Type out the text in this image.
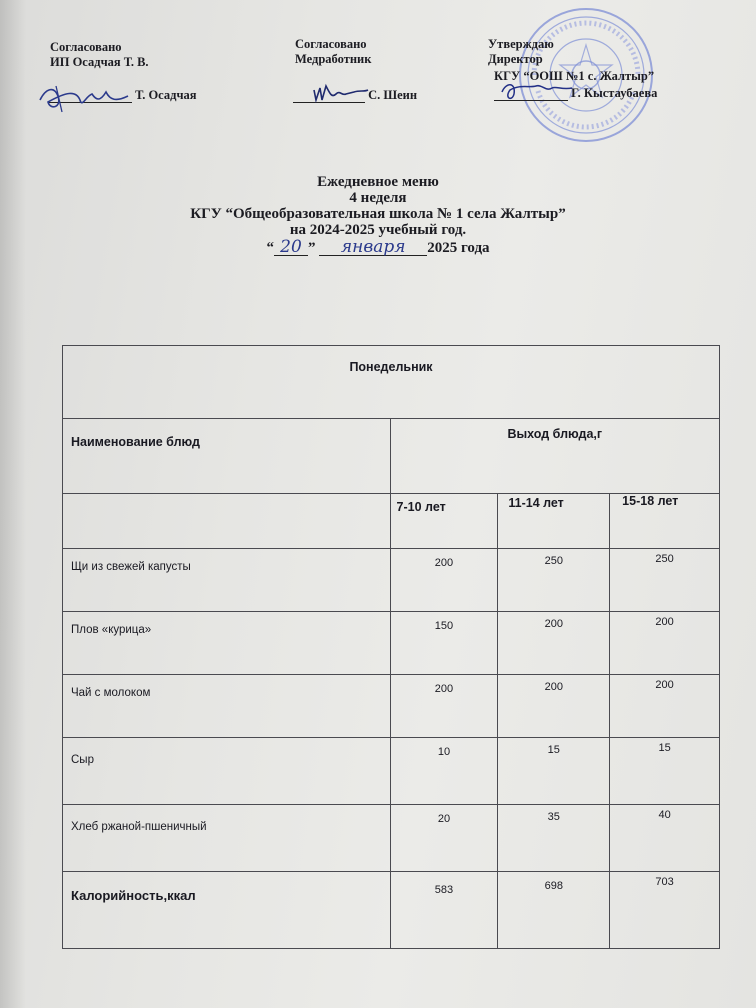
Согласовано
ИП Осадчая Т. В.
Т. Осадчая
Согласовано
Медработник
С. Шеин
Утверждаю
Директор
КГУ “ООШ №1 с. Жалтыр”
Г. Кыстаубаева
Ежедневное меню
4 неделя
КГУ “Общеобразовательная школа № 1 села Жалтыр”
на 2024-2025 учебный год.
“ 20 ” января 2025 года
Понедельник			
Наименование блюд	Выход блюда,г		
	7-10 лет	11-14 лет	15-18 лет
Щи из свежей капусты	200	250	250
Плов «курица»	150	200	200
Чай с молоком	200	200	200
Сыр	10	15	15
Хлеб ржаной-пшеничный	20	35	40
Калорийность,ккал	583	698	703
